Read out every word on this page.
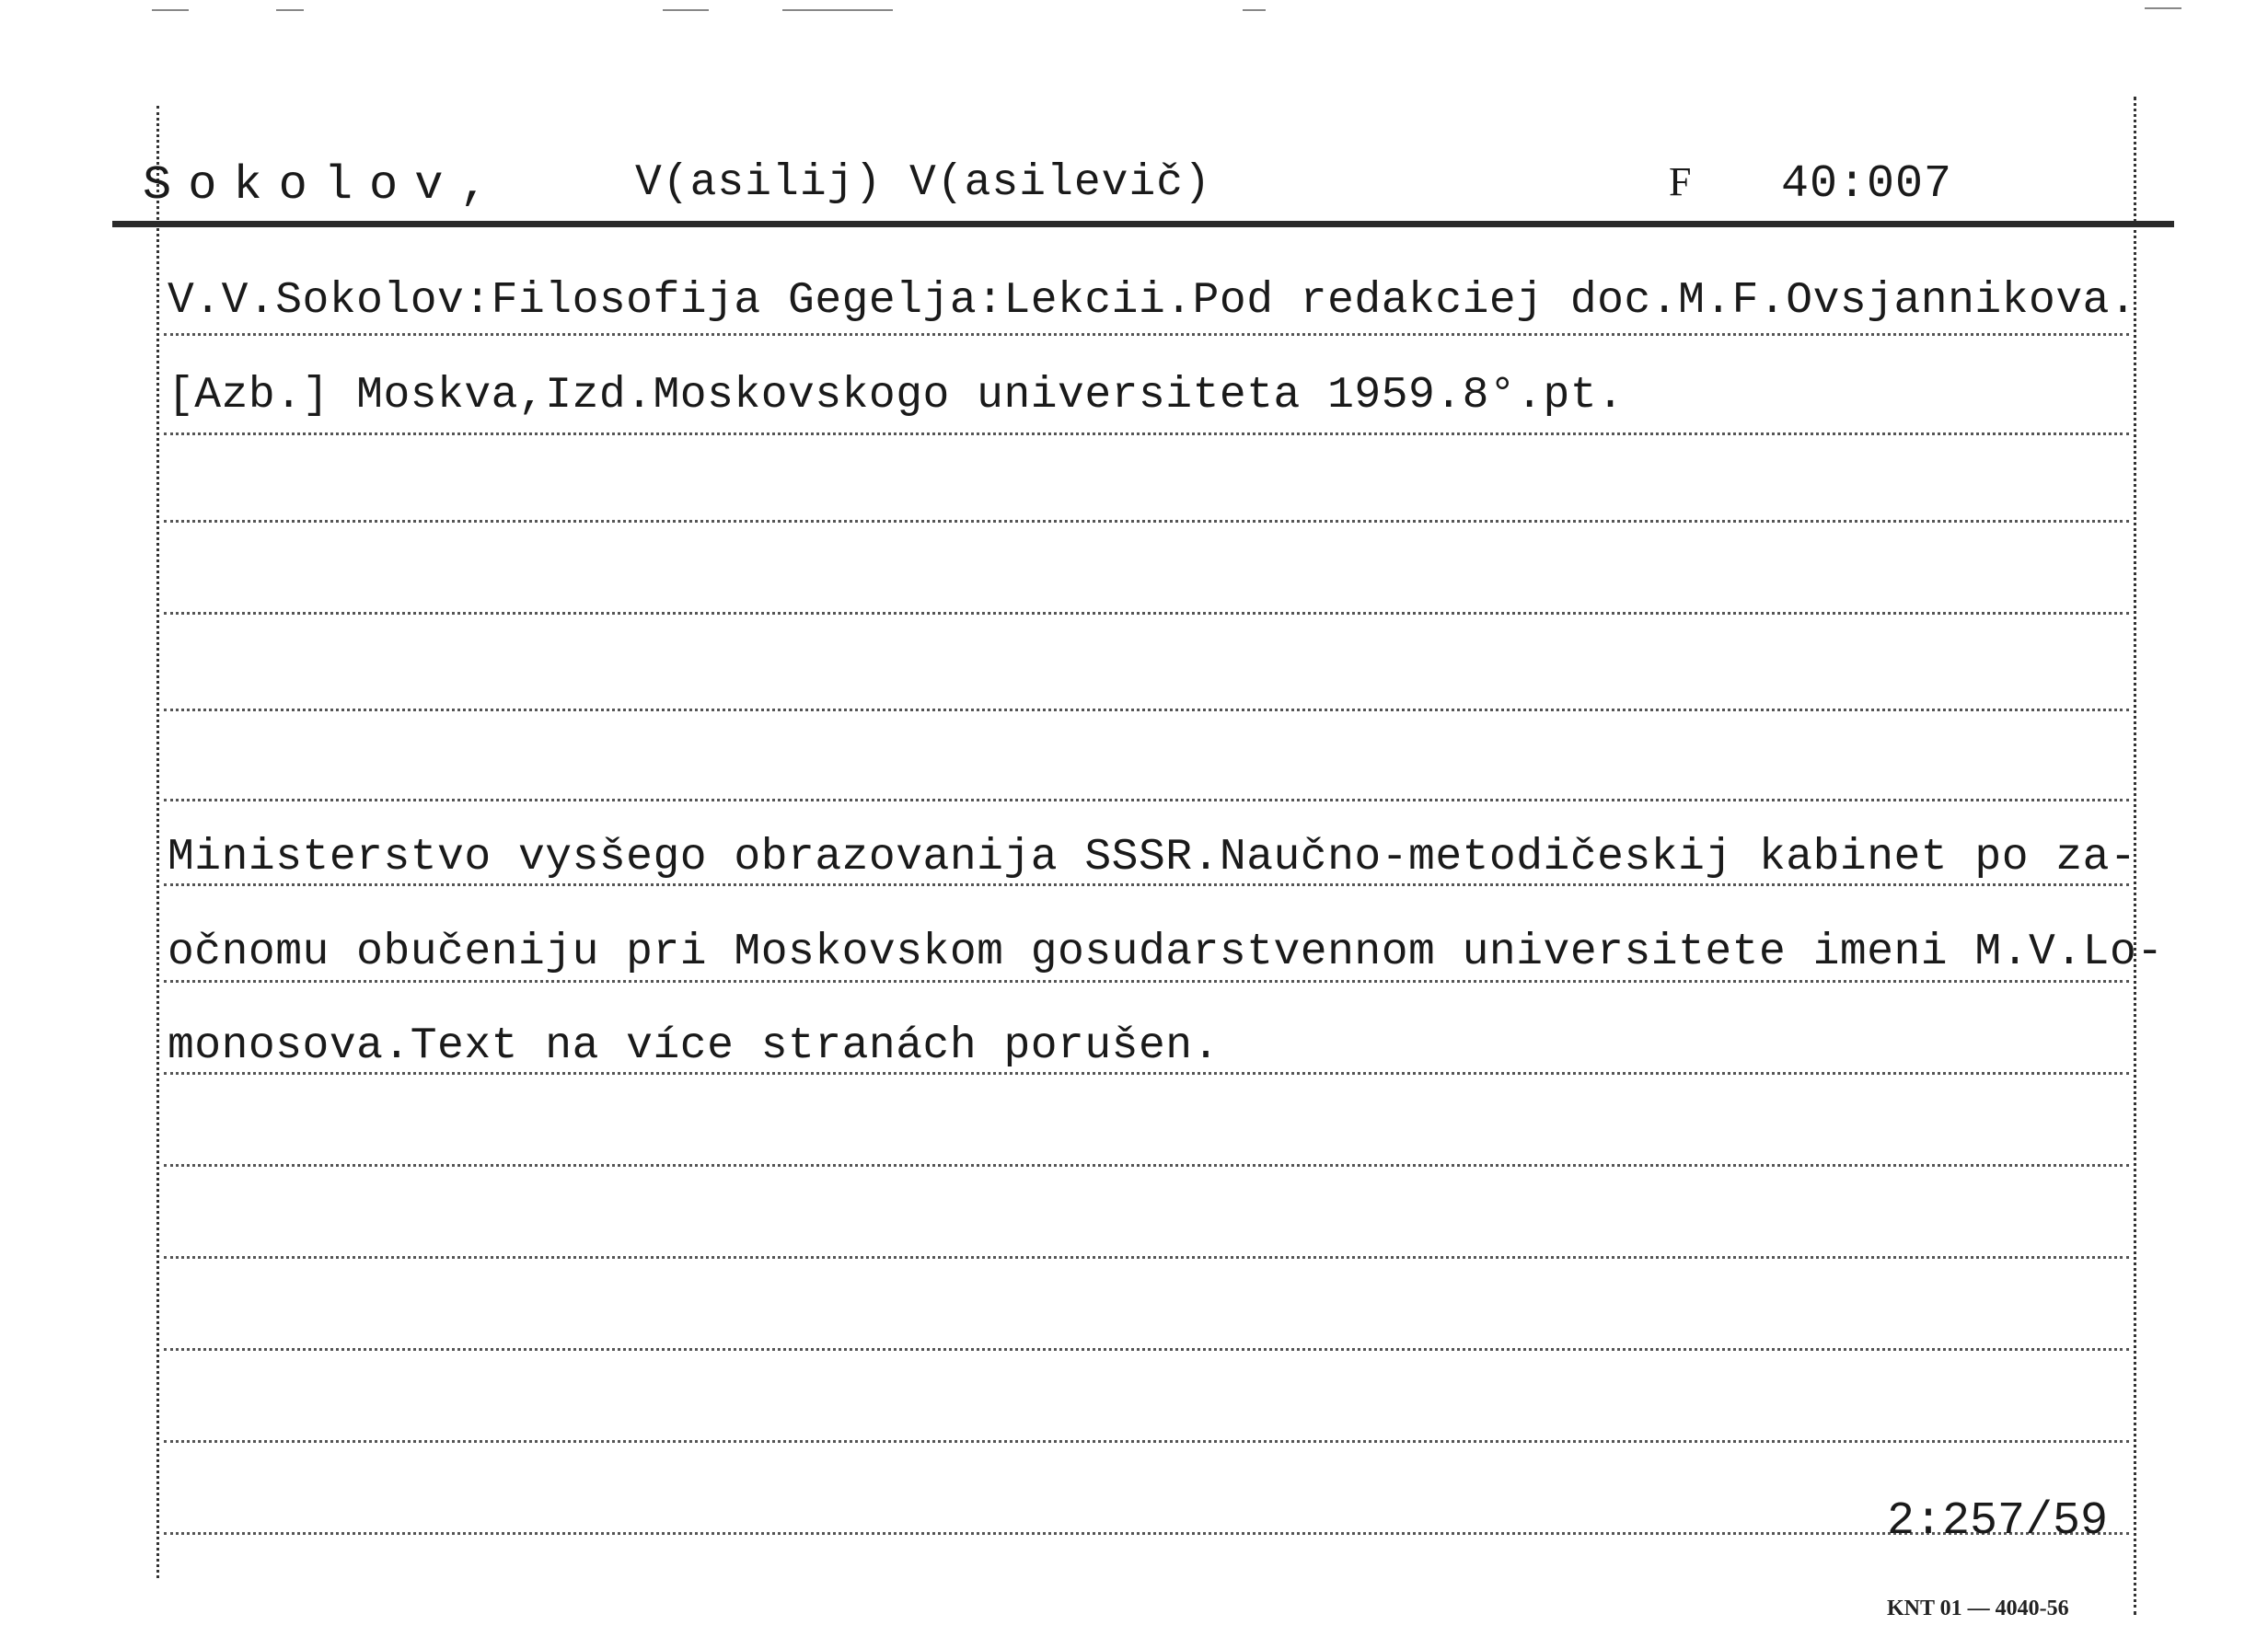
Sokolov,	V(asilij) V(asilevič)	F 40:007
V.V.Sokolov:Filosofija Gegelja:Lekcii.Pod redakciej doc.M.F.Ovsjannikova.
[Azb.] Moskva,Izd.Moskovskogo universiteta 1959.8°.pt.
Ministerstvo vysšego obrazovanija SSSR.Naučno-metodičeskij kabinet po za-
očnomu obučeniju pri Moskovskom gosudarstvennom universitete imeni M.V.Lo-
monosova.Text na více stranách porušen.
2:257/59
KNT 01 — 4040-56
